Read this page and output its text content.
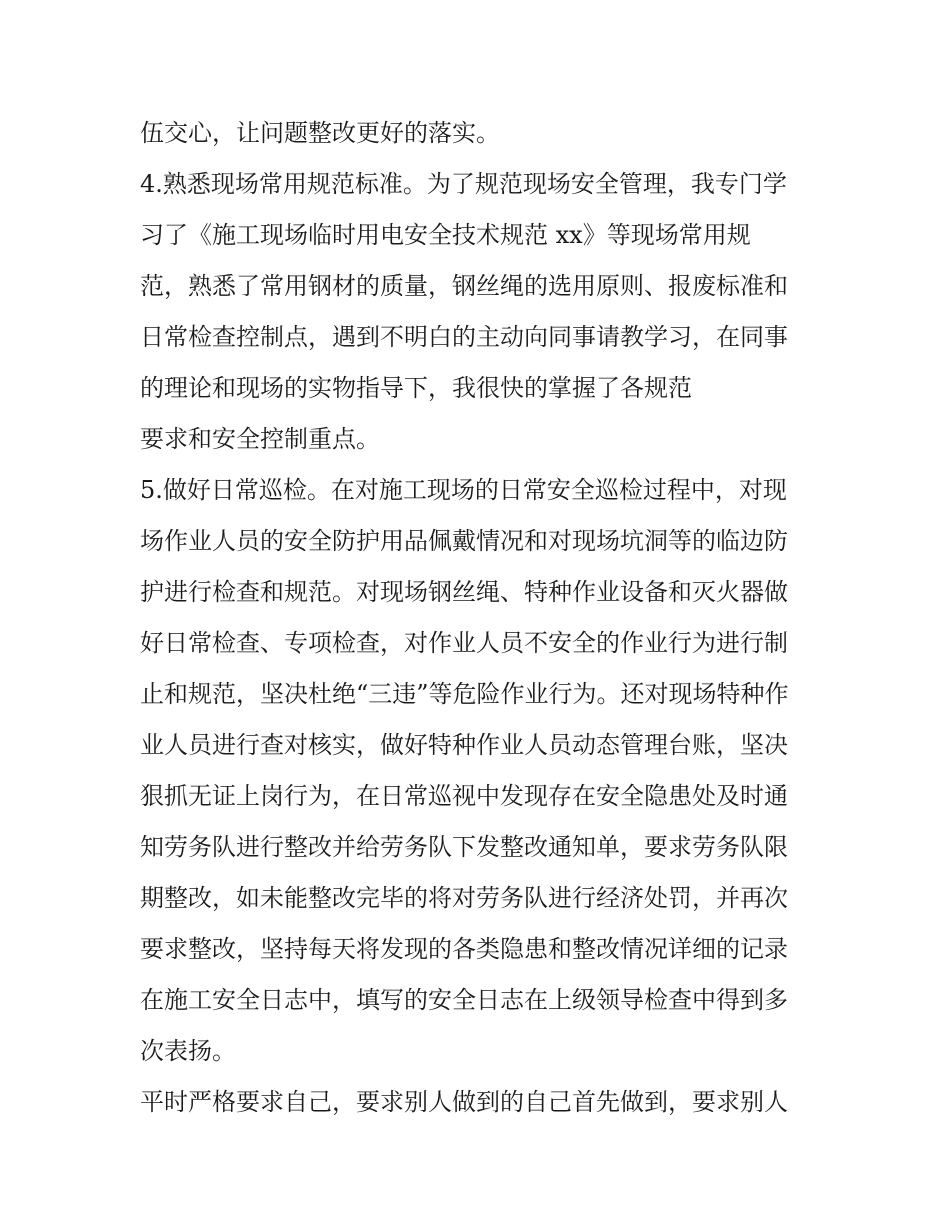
伍交心，让问题整改更好的落实。
4.熟悉现场常用规范标准。为了规范现场安全管理，我专门学
习了《施工现场临时用电安全技术规范 xx》等现场常用规
范，熟悉了常用钢材的质量，钢丝绳的选用原则、报废标准和
日常检查控制点，遇到不明白的主动向同事请教学习，在同事
的理论和现场的实物指导下，我很快的掌握了各规范
要求和安全控制重点。
5.做好日常巡检。在对施工现场的日常安全巡检过程中，对现
场作业人员的安全防护用品佩戴情况和对现场坑洞等的临边防
护进行检查和规范。对现场钢丝绳、特种作业设备和灭火器做
好日常检查、专项检查，对作业人员不安全的作业行为进行制
止和规范，坚决杜绝“三违”等危险作业行为。还对现场特种作
业人员进行查对核实，做好特种作业人员动态管理台账，坚决
狠抓无证上岗行为，在日常巡视中发现存在安全隐患处及时通
知劳务队进行整改并给劳务队下发整改通知单，要求劳务队限
期整改，如未能整改完毕的将对劳务队进行经济处罚，并再次
要求整改，坚持每天将发现的各类隐患和整改情况详细的记录
在施工安全日志中，填写的安全日志在上级领导检查中得到多
次表扬。
平时严格要求自己，要求别人做到的自己首先做到，要求别人
